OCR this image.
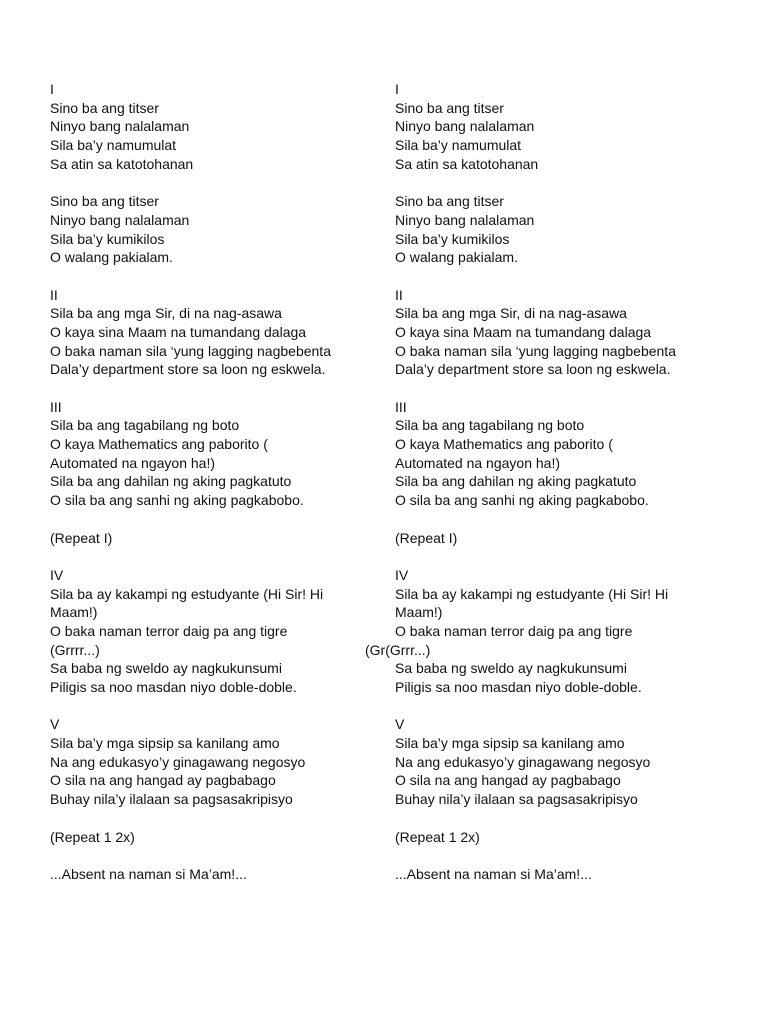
I
Sino ba ang titser
Ninyo bang nalalaman
Sila ba’y namumulat
Sa atin sa katotohanan
Sino ba ang titser
Ninyo bang nalalaman
Sila ba’y kumikilos
O walang pakialam.
II
Sila ba ang mga Sir, di na nag-asawa
O kaya sina Maam na tumandang dalaga
O baka naman sila ‘yung lagging nagbebenta
Dala’y department store sa loon ng eskwela.
III
Sila ba ang tagabilang ng boto
O kaya Mathematics ang paborito (
Automated na ngayon ha!)
Sila ba ang dahilan ng aking pagkatuto
O sila ba ang sanhi ng aking pagkabobo.
(Repeat I)
IV
Sila ba ay kakampi ng estudyante (Hi Sir! Hi
Maam!)
O baka naman terror daig pa ang tigre
(Grrrr...)
Sa baba ng sweldo ay nagkukunsumi
Piligis sa noo masdan niyo doble-doble.
V
Sila ba’y mga sipsip sa kanilang amo
Na ang edukasyo’y ginagawang negosyo
O sila na ang hangad ay pagbabago
Buhay nila’y ilalaan sa pagsasakripisyo
(Repeat 1 2x)
...Absent na naman si Ma’am!...
I
Sino ba ang titser
Ninyo bang nalalaman
Sila ba’y namumulat
Sa atin sa katotohanan
Sino ba ang titser
Ninyo bang nalalaman
Sila ba’y kumikilos
O walang pakialam.
II
Sila ba ang mga Sir, di na nag-asawa
O kaya sina Maam na tumandang dalaga
O baka naman sila ‘yung lagging nagbebenta
Dala’y department store sa loon ng eskwela.
III
Sila ba ang tagabilang ng boto
O kaya Mathematics ang paborito (
Automated na ngayon ha!)
Sila ba ang dahilan ng aking pagkatuto
O sila ba ang sanhi ng aking pagkabobo.
(Repeat I)
IV
Sila ba ay kakampi ng estudyante (Hi Sir! Hi
Maam!)
O baka naman terror daig pa ang tigre
(Gr(Grrr...)
Sa baba ng sweldo ay nagkukunsumi
Piligis sa noo masdan niyo doble-doble.
V
Sila ba’y mga sipsip sa kanilang amo
Na ang edukasyo’y ginagawang negosyo
O sila na ang hangad ay pagbabago
Buhay nila’y ilalaan sa pagsasakripisyo
(Repeat 1 2x)
...Absent na naman si Ma’am!...
